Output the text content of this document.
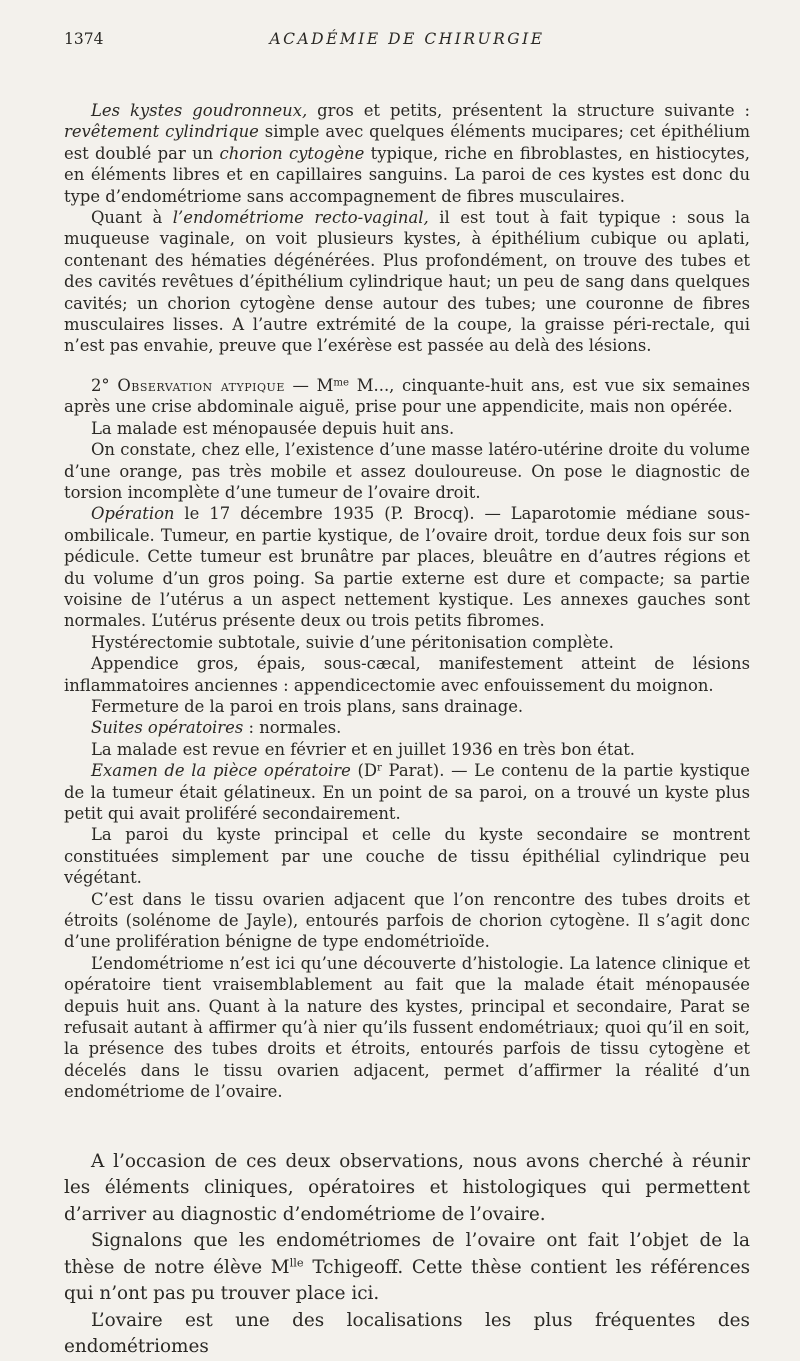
1374	ACADÉMIE DE CHIRURGIE

Les kystes goudronneux, gros et petits, présentent la structure suivante : revêtement cylindrique simple avec quelques éléments mucipares; cet épithélium est doublé par un chorion cytogène typique, riche en fibroblastes, en histiocytes, en éléments libres et en capillaires sanguins. La paroi de ces kystes est donc du type d’endométriome sans accompagnement de fibres musculaires.

Quant à l’endométriome recto-vaginal, il est tout à fait typique : sous la muqueuse vaginale, on voit plusieurs kystes, à épithélium cubique ou aplati, contenant des hématies dégénérées. Plus profondément, on trouve des tubes et des cavités revêtues d’épithélium cylindrique haut; un peu de sang dans quelques cavités; un chorion cytogène dense autour des tubes; une couronne de fibres musculaires lisses. A l’autre extrémité de la coupe, la graisse péri-rectale, qui n’est pas envahie, preuve que l’exérèse est passée au delà des lésions.

2° Observation atypique — $M^{me}$ M..., cinquante-huit ans, est vue six semaines après une crise abdominale aiguë, prise pour une appendicite, mais non opérée.

La malade est ménopausée depuis huit ans.

On constate, chez elle, l’existence d’une masse latéro-utérine droite du volume d’une orange, pas très mobile et assez douloureuse. On pose le diagnostic de torsion incomplète d’une tumeur de l’ovaire droit.

Opération le 17 décembre 1935 (P. Brocq). — Laparotomie médiane sous-ombilicale. Tumeur, en partie kystique, de l’ovaire droit, tordue deux fois sur son pédicule. Cette tumeur est brunâtre par places, bleuâtre en d’autres régions et du volume d’un gros poing. Sa partie externe est dure et compacte; sa partie voisine de l’utérus a un aspect nettement kystique. Les annexes gauches sont normales. L’utérus présente deux ou trois petits fibromes.

Hystérectomie subtotale, suivie d’une péritonisation complète.

Appendice gros, épais, sous-cæcal, manifestement atteint de lésions inflammatoires anciennes : appendicectomie avec enfouissement du moignon.

Fermeture de la paroi en trois plans, sans drainage.

Suites opératoires : normales.

La malade est revue en février et en juillet 1936 en très bon état.

Examen de la pièce opératoire ($D^r$ Parat). — Le contenu de la partie kystique de la tumeur était gélatineux. En un point de sa paroi, on a trouvé un kyste plus petit qui avait proliféré secondairement.

La paroi du kyste principal et celle du kyste secondaire se montrent constituées simplement par une couche de tissu épithélial cylindrique peu végétant.

C’est dans le tissu ovarien adjacent que l’on rencontre des tubes droits et étroits (solénome de Jayle), entourés parfois de chorion cytogène. Il s’agit donc d’une prolifération bénigne de type endométrioïde.

L’endométriome n’est ici qu’une découverte d’histologie. La latence clinique et opératoire tient vraisemblablement au fait que la malade était ménopausée depuis huit ans. Quant à la nature des kystes, principal et secondaire, Parat se refusait autant à affirmer qu’à nier qu’ils fussent endométriaux; quoi qu’il en soit, la présence des tubes droits et étroits, entourés parfois de tissu cytogène et décelés dans le tissu ovarien adjacent, permet d’affirmer la réalité d’un endométriome de l’ovaire.

A l’occasion de ces deux observations, nous avons cherché à réunir les éléments cliniques, opératoires et histologiques qui permettent d’arriver au diagnostic d’endométriome de l’ovaire.

Signalons que les endométriomes de l’ovaire ont fait l’objet de la thèse de notre élève $M^{lle}$ Tchigeoff. Cette thèse contient les références qui n’ont pas pu trouver place ici.

L’ovaire est une des localisations les plus fréquentes des endométriomes
